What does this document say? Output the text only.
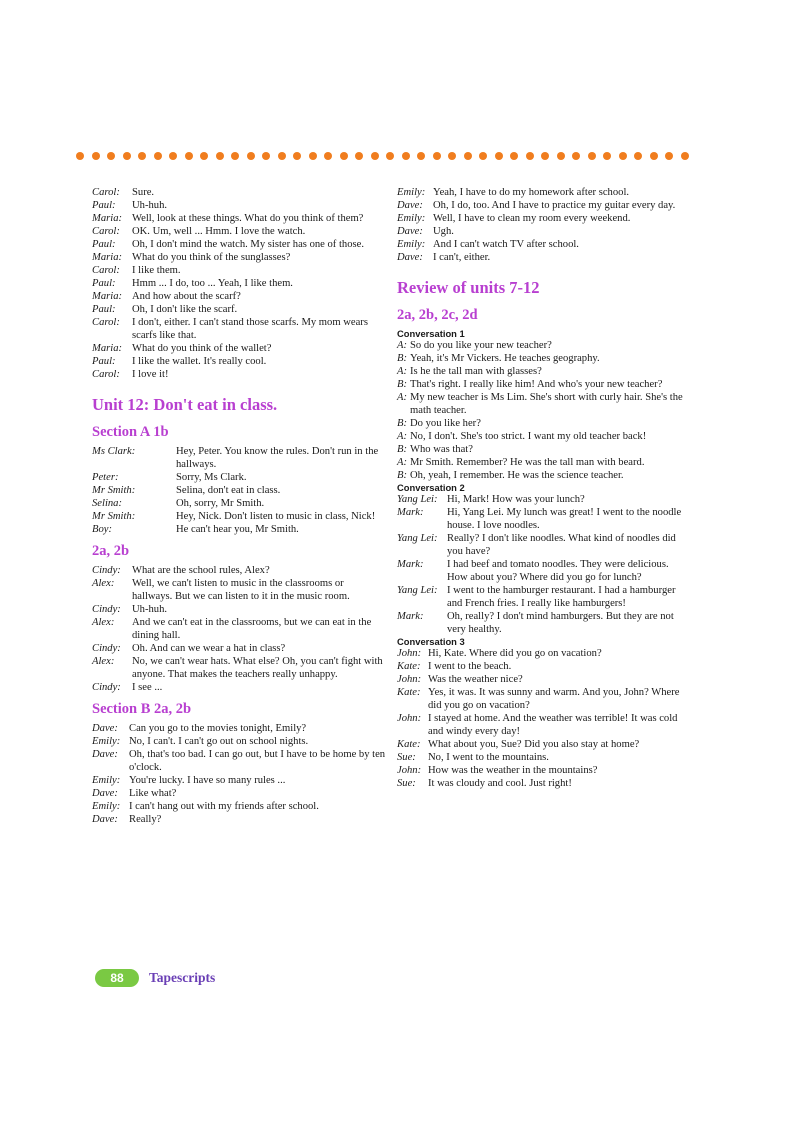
Carol:	Sure.
Paul:	Uh-huh.
Maria: Well, look at these things. What do you think of them?
Carol:	OK. Um, well ... Hmm. I love the watch.
Paul:	Oh, I don't mind the watch. My sister has one of those.
Maria: What do you think of the sunglasses?
Carol:	I like them.
Paul:	Hmm ... I do, too ... Yeah, I like them.
Maria: And how about the scarf?
Paul:	Oh, I don't like the scarf.
Carol:	I don't, either. I can't stand those scarfs. My mom wears scarfs like that.
Maria: What do you think of the wallet?
Paul:	I like the wallet. It's really cool.
Carol:	I love it!
Unit 12: Don't eat in class.
Section A 1b
Ms Clark:	Hey, Peter. You know the rules. Don't run in the hallways.
Peter:	Sorry, Ms Clark.
Mr Smith:	Selina, don't eat in class.
Selina:	Oh, sorry, Mr Smith.
Mr Smith:	Hey, Nick. Don't listen to music in class, Nick!
Boy:	He can't hear you, Mr Smith.
2a, 2b
Cindy:	What are the school rules, Alex?
Alex:	Well, we can't listen to music in the classrooms or hallways. But we can listen to it in the music room.
Cindy:	Uh-huh.
Alex:	And we can't eat in the classrooms, but we can eat in the dining hall.
Cindy:	Oh. And can we wear a hat in class?
Alex:	No, we can't wear hats. What else? Oh, you can't fight with anyone. That makes the teachers really unhappy.
Cindy:	I see ...
Section B 2a, 2b
Dave:	Can you go to the movies tonight, Emily?
Emily: No, I can't. I can't go out on school nights.
Dave:	Oh, that's too bad. I can go out, but I have to be home by ten o'clock.
Emily: You're lucky. I have so many rules ...
Dave:	Like what?
Emily: I can't hang out with my friends after school.
Dave:	Really?
Emily: Yeah, I have to do my homework after school.
Dave: Oh, I do, too. And I have to practice my guitar every day.
Emily: Well, I have to clean my room every weekend.
Dave: Ugh.
Emily: And I can't watch TV after school.
Dave: I can't, either.
Review of units 7-12
2a, 2b, 2c, 2d
Conversation 1
A: So do you like your new teacher?
B: Yeah, it's Mr Vickers. He teaches geography.
A: Is he the tall man with glasses?
B: That's right. I really like him! And who's your new teacher?
A: My new teacher is Ms Lim. She's short with curly hair. She's the math teacher.
B: Do you like her?
A: No, I don't. She's too strict. I want my old teacher back!
B: Who was that?
A: Mr Smith. Remember? He was the tall man with beard.
B: Oh, yeah, I remember. He was the science teacher.
Conversation 2
Yang Lei: Hi, Mark! How was your lunch?
Mark:	Hi, Yang Lei. My lunch was great! I went to the noodle house. I love noodles.
Yang Lei: Really? I don't like noodles. What kind of noodles did you have?
Mark:	I had beef and tomato noodles. They were delicious. How about you? Where did you go for lunch?
Yang Lei: I went to the hamburger restaurant. I had a hamburger and French fries. I really like hamburgers!
Mark:	Oh, really? I don't mind hamburgers. But they are not very healthy.
Conversation 3
John: Hi, Kate. Where did you go on vacation?
Kate: I went to the beach.
John: Was the weather nice?
Kate: Yes, it was. It was sunny and warm. And you, John? Where did you go on vacation?
John: I stayed at home. And the weather was terrible! It was cold and windy every day!
Kate: What about you, Sue? Did you also stay at home?
Sue:	No, I went to the mountains.
John: How was the weather in the mountains?
Sue:	It was cloudy and cool. Just right!
88	Tapescripts
